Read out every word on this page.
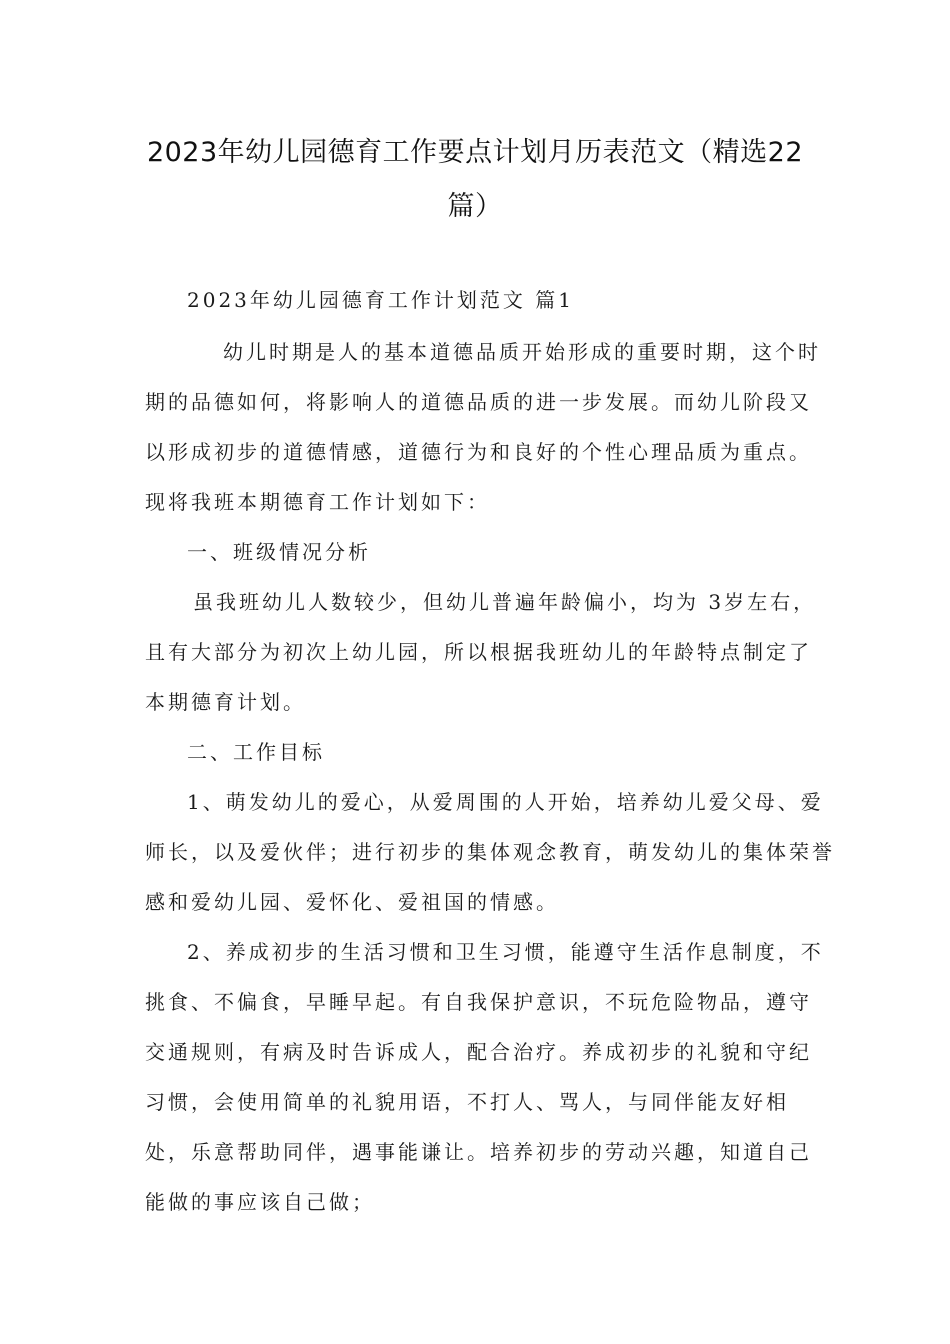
2023年幼儿园德育工作要点计划月历表范文（精选22
篇）
2023年幼儿园德育工作计划范文 篇1
幼儿时期是人的基本道德品质开始形成的重要时期，这个时
期的品德如何，将影响人的道德品质的进一步发展。而幼儿阶段又
以形成初步的道德情感，道德行为和良好的个性心理品质为重点。
现将我班本期德育工作计划如下：
一、班级情况分析
虽我班幼儿人数较少，但幼儿普遍年龄偏小，均为 3岁左右，
且有大部分为初次上幼儿园，所以根据我班幼儿的年龄特点制定了
本期德育计划。
二、工作目标
1、萌发幼儿的爱心，从爱周围的人开始，培养幼儿爱父母、爱
师长，以及爱伙伴；进行初步的集体观念教育，萌发幼儿的集体荣誉
感和爱幼儿园、爱怀化、爱祖国的情感。
2、养成初步的生活习惯和卫生习惯，能遵守生活作息制度，不
挑食、不偏食，早睡早起。有自我保护意识，不玩危险物品，遵守
交通规则，有病及时告诉成人，配合治疗。养成初步的礼貌和守纪
习惯，会使用简单的礼貌用语，不打人、骂人，与同伴能友好相
处，乐意帮助同伴，遇事能谦让。培养初步的劳动兴趣，知道自己
能做的事应该自己做；
